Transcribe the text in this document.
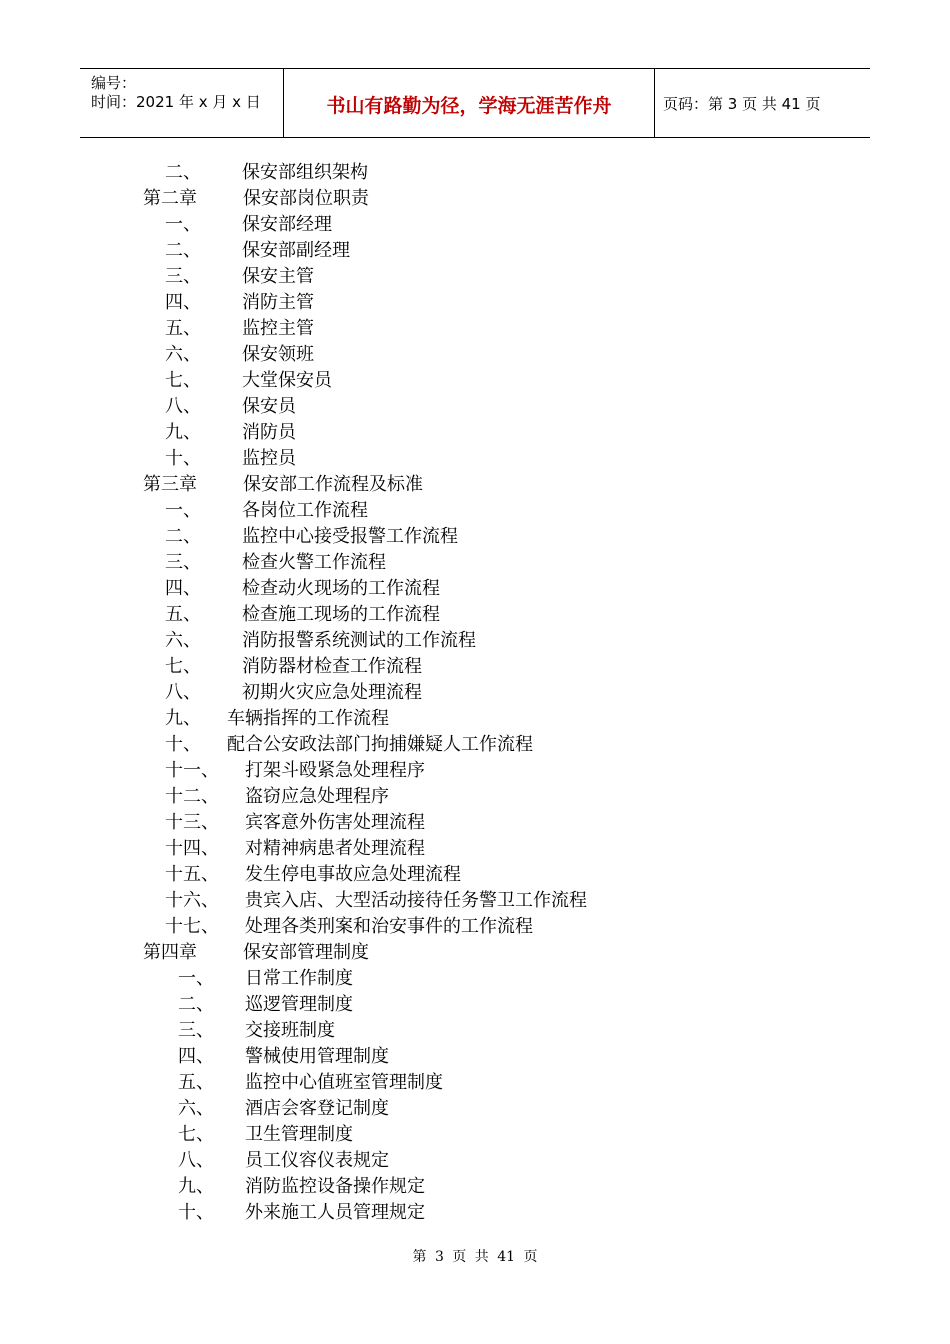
编号：
时间：2021 年 x 月 x 日	书山有路勤为径，学海无涯苦作舟	页码：第 3 页 共 41 页
二、 保安部组织架构
第二章	保安部岗位职责
一、 保安部经理
二、 保安部副经理
三、 保安主管
四、 消防主管
五、 监控主管
六、 保安领班
七、 大堂保安员
八、 保安员
九、 消防员
十、 监控员
第三章	保安部工作流程及标准
一、 各岗位工作流程
二、 监控中心接受报警工作流程
三、 检查火警工作流程
四、 检查动火现场的工作流程
五、 检查施工现场的工作流程
六、 消防报警系统测试的工作流程
七、 消防器材检查工作流程
八、 初期火灾应急处理流程
九、 车辆指挥的工作流程
十、 配合公安政法部门拘捕嫌疑人工作流程
十一、 打架斗殴紧急处理程序
十二、 盗窃应急处理程序
十三、 宾客意外伤害处理流程
十四、 对精神病患者处理流程
十五、 发生停电事故应急处理流程
十六、 贵宾入店、大型活动接待任务警卫工作流程
十七、 处理各类刑案和治安事件的工作流程
第四章	保安部管理制度
一、 日常工作制度
二、 巡逻管理制度
三、 交接班制度
四、 警械使用管理制度
五、 监控中心值班室管理制度
六、 酒店会客登记制度
七、 卫生管理制度
八、 员工仪容仪表规定
九、 消防监控设备操作规定
十、 外来施工人员管理规定
第 3 页 共 41 页
